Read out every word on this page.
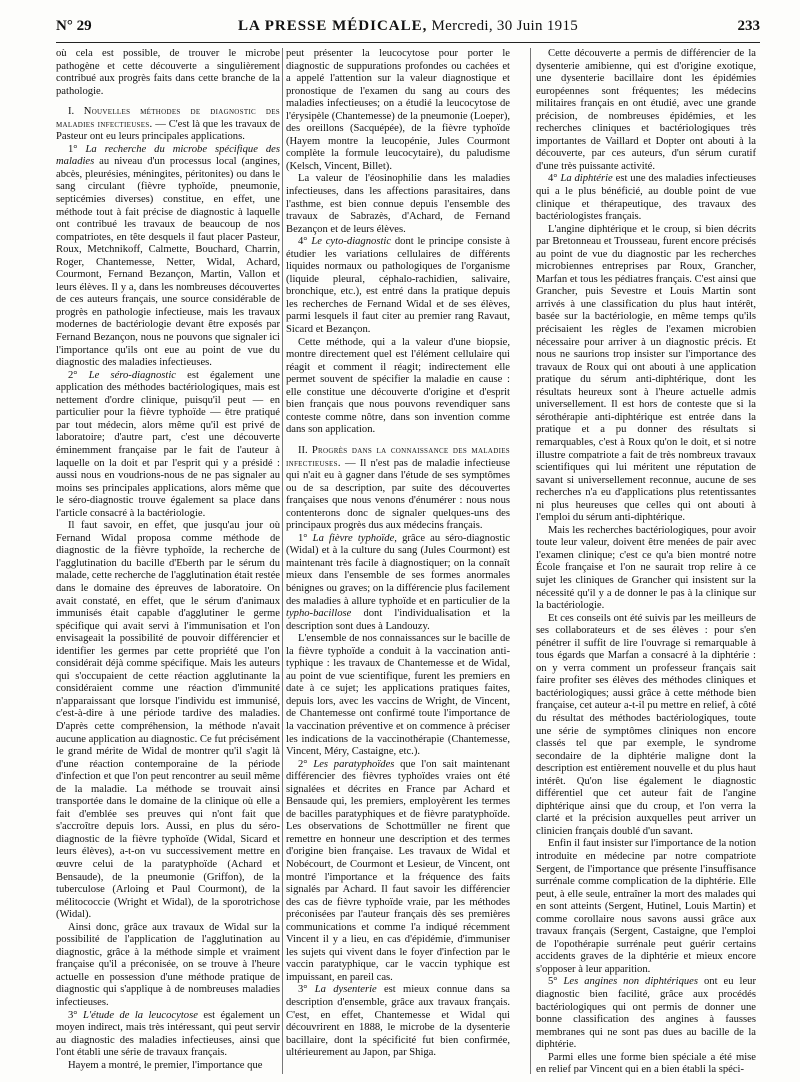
N° 29	LA PRESSE MÉDICALE, Mercredi, 30 Juin 1915	233

où cela est possible, de trouver le microbe pathogène et cette découverte a singulièrement contribué aux progrès faits dans cette branche de la pathologie.

I. Nouvelles méthodes de diagnostic des maladies infectieuses. — C'est là que les travaux de Pasteur ont eu leurs principales applications.

1° La recherche du microbe spécifique des maladies au niveau d'un processus local (angines, abcès, pleurésies, méningites, péritonites) ou dans le sang circulant (fièvre typhoïde, pneumonie, septicémies diverses) constitue, en effet, une méthode tout à fait précise de diagnostic à laquelle ont contribué les travaux de beaucoup de nos compatriotes, en tête desquels il faut placer Pasteur, Roux, Metchnikoff, Calmette, Bouchard, Charrin, Roger, Chantemesse, Netter, Widal, Achard, Courmont, Fernand Bezançon, Martin, Vallon et leurs élèves. Il y a, dans les nombreuses découvertes de ces auteurs français, une source considérable de progrès en pathologie infectieuse, mais les travaux modernes de bactériologie devant être exposés par Fernand Bezançon, nous ne pouvons que signaler ici l'importance qu'ils ont eue au point de vue du diagnostic des maladies infectieuses.

2° Le séro-diagnostic est également une application des méthodes bactériologiques, mais est nettement d'ordre clinique, puisqu'il peut — en particulier pour la fièvre typhoïde — être pratiqué par tout médecin, alors même qu'il est privé de laboratoire; d'autre part, c'est une découverte éminemment française par le fait de l'auteur à laquelle on la doit et par l'esprit qui y a présidé : aussi nous en voudrions-nous de ne pas signaler au moins ses principales applications, alors même que le séro-diagnostic trouve également sa place dans l'article consacré à la bactériologie.

Il faut savoir, en effet, que jusqu'au jour où Fernand Widal proposa comme méthode de diagnostic de la fièvre typhoïde, la recherche de l'agglutination du bacille d'Eberth par le sérum du malade, cette recherche de l'agglutination était restée dans le domaine des épreuves de laboratoire. On avait constaté, en effet, que le sérum d'animaux immunisés était capable d'agglutiner le germe spécifique qui avait servi à l'immunisation et l'on envisageait la possibilité de pouvoir différencier et identifier les germes par cette propriété que l'on considérait déjà comme spécifique. Mais les auteurs qui s'occupaient de cette réaction agglutinante la considéraient comme une réaction d'immunité n'apparaissant que lorsque l'individu est immunisé, c'est-à-dire à une période tardive des maladies. D'après cette compréhension, la méthode n'avait aucune application au diagnostic. Ce fut précisément le grand mérite de Widal de montrer qu'il s'agit là d'une réaction contemporaine de la période d'infection et que l'on peut rencontrer au seuil même de la maladie. La méthode se trouvait ainsi transportée dans le domaine de la clinique où elle a fait d'emblée ses preuves qui n'ont fait que s'accroître depuis lors. Aussi, en plus du séro-diagnostic de la fièvre typhoïde (Widal, Sicard et leurs élèves), a-t-on vu successivement mettre en œuvre celui de la paratyphoïde (Achard et Bensaude), de la pneumonie (Griffon), de la tuberculose (Arloing et Paul Courmont), de la mélitococcie (Wright et Widal), de la sporotrichose (Widal).

Ainsi donc, grâce aux travaux de Widal sur la possibilité de l'application de l'agglutination au diagnostic, grâce à la méthode simple et vraiment française qu'il a préconisée, on se trouve à l'heure actuelle en possession d'une méthode pratique de diagnostic qui s'applique à de nombreuses maladies infectieuses.

3° L'étude de la leucocytose est également un moyen indirect, mais très intéressant, qui peut servir au diagnostic des maladies infectieuses, ainsi que l'ont établi une série de travaux français.

Hayem a montré, le premier, l'importance que

peut présenter la leucocytose pour porter le diagnostic de suppurations profondes ou cachées et a appelé l'attention sur la valeur diagnostique et pronostique de l'examen du sang au cours des maladies infectieuses; on a étudié la leucocytose de l'érysipèle (Chantemesse) de la pneumonie (Loeper), des oreillons (Sacquépée), de la fièvre typhoïde (Hayem montre la leucopénie, Jules Courmont complète la formule leucocytaire), du paludisme (Kelsch, Vincent, Billet).

La valeur de l'éosinophilie dans les maladies infectieuses, dans les affections parasitaires, dans l'asthme, est bien connue depuis l'ensemble des travaux de Sabrazès, d'Achard, de Fernand Bezançon et de leurs élèves.

4° Le cyto-diagnostic dont le principe consiste à étudier les variations cellulaires de différents liquides normaux ou pathologiques de l'organisme (liquide pleural, céphalo-rachidien, salivaire, bronchique, etc.), est entré dans la pratique depuis les recherches de Fernand Widal et de ses élèves, parmi lesquels il faut citer au premier rang Ravaut, Sicard et Bezançon.

Cette méthode, qui a la valeur d'une biopsie, montre directement quel est l'élément cellulaire qui réagit et comment il réagit; indirectement elle permet souvent de spécifier la maladie en cause : elle constitue une découverte d'origine et d'esprit bien français que nous pouvons revendiquer sans conteste comme nôtre, dans son invention comme dans son application.

II. Progrès dans la connaissance des maladies infectieuses. — Il n'est pas de maladie infectieuse qui n'ait eu à gagner dans l'étude de ses symptômes ou de sa description, par suite des découvertes françaises que nous venons d'énumérer : nous nous contenterons donc de signaler quelques-uns des principaux progrès dus aux médecins français.

1° La fièvre typhoïde, grâce au séro-diagnostic (Widal) et à la culture du sang (Jules Courmont) est maintenant très facile à diagnostiquer; on la connaît mieux dans l'ensemble de ses formes anormales bénignes ou graves; on la différencie plus facilement des maladies à allure typhoïde et en particulier de la typho-bacillose dont l'individualisation et la description sont dues à Landouzy.

L'ensemble de nos connaissances sur le bacille de la fièvre typhoïde a conduit à la vaccination anti-typhique : les travaux de Chantemesse et de Widal, au point de vue scientifique, furent les premiers en date à ce sujet; les applications pratiques faites, depuis lors, avec les vaccins de Wright, de Vincent, de Chantemesse ont confirmé toute l'importance de la vaccination préventive et on commence à préciser les indications de la vaccinothérapie (Chantemesse, Vincent, Méry, Castaigne, etc.).

2° Les paratyphoïdes que l'on sait maintenant différencier des fièvres typhoïdes vraies ont été signalées et décrites en France par Achard et Bensaude qui, les premiers, employèrent les termes de bacilles paratyphiques et de fièvre paratyphoïde. Les observations de Schottmüller ne firent que remettre en honneur une description et des termes d'origine bien française. Les travaux de Widal et Nobécourt, de Courmont et Lesieur, de Vincent, ont montré l'importance et la fréquence des faits signalés par Achard. Il faut savoir les différencier des cas de fièvre typhoïde vraie, par les méthodes préconisées par l'auteur français dès ses premières communications et comme l'a indiqué récemment Vincent il y a lieu, en cas d'épidémie, d'immuniser les sujets qui vivent dans le foyer d'infection par le vaccin paratyphique, car le vaccin typhique est impuissant, en pareil cas.

3° La dysenterie est mieux connue dans sa description d'ensemble, grâce aux travaux français. C'est, en effet, Chantemesse et Widal qui découvrirent en 1888, le microbe de la dysenterie bacillaire, dont la spécificité fut bien confirmée, ultérieurement au Japon, par Shiga.

Cette découverte a permis de différencier de la dysenterie amibienne, qui est d'origine exotique, une dysenterie bacillaire dont les épidémies européennes sont fréquentes; les médecins militaires français en ont étudié, avec une grande précision, de nombreuses épidémies, et les recherches cliniques et bactériologiques très importantes de Vaillard et Dopter ont abouti à la découverte, par ces auteurs, d'un sérum curatif d'une très puissante activité.

4° La diphtérie est une des maladies infectieuses qui a le plus bénéficié, au double point de vue clinique et thérapeutique, des travaux des bactériologistes français.

L'angine diphtérique et le croup, si bien décrits par Bretonneau et Trousseau, furent encore précisés au point de vue du diagnostic par les recherches microbiennes entreprises par Roux, Grancher, Marfan et tous les pédiatres français. C'est ainsi que Grancher, puis Sevestre et Louis Martin sont arrivés à une classification du plus haut intérêt, basée sur la bactériologie, en même temps qu'ils précisaient les règles de l'examen microbien nécessaire pour arriver à un diagnostic précis. Et nous ne saurions trop insister sur l'importance des travaux de Roux qui ont abouti à une application pratique du sérum anti-diphtérique, dont les résultats heureux sont à l'heure actuelle admis universellement. Il est hors de conteste que si la sérothérapie anti-diphtérique est entrée dans la pratique et a pu donner des résultats si remarquables, c'est à Roux qu'on le doit, et si notre illustre compatriote a fait de très nombreux travaux scientifiques qui lui méritent une réputation de savant si universellement reconnue, aucune de ses recherches n'a eu d'applications plus retentissantes ni plus heureuses que celles qui ont abouti à l'emploi du sérum anti-diphtérique.

Mais les recherches bactériologiques, pour avoir toute leur valeur, doivent être menées de pair avec l'examen clinique; c'est ce qu'a bien montré notre École française et l'on ne saurait trop relire à ce sujet les cliniques de Grancher qui insistent sur la nécessité qu'il y a de donner le pas à la clinique sur la bactériologie.

Et ces conseils ont été suivis par les meilleurs de ses collaborateurs et de ses élèves : pour s'en pénétrer il suffit de lire l'ouvrage si remarquable à tous égards que Marfan a consacré à la diphtérie : on y verra comment un professeur français sait faire profiter ses élèves des méthodes cliniques et bactériologiques; aussi grâce à cette méthode bien française, cet auteur a-t-il pu mettre en relief, à côté du résultat des méthodes bactériologiques, toute une série de symptômes cliniques non encore classés tel que par exemple, le syndrome secondaire de la diphtérie maligne dont la description est entièrement nouvelle et du plus haut intérêt. Qu'on lise également le diagnostic différentiel que cet auteur fait de l'angine diphtérique ainsi que du croup, et l'on verra la clarté et la précision auxquelles peut arriver un clinicien français doublé d'un savant.

Enfin il faut insister sur l'importance de la notion introduite en médecine par notre compatriote Sergent, de l'importance que présente l'insuffisance surrénale comme complication de la diphtérie. Elle peut, à elle seule, entraîner la mort des malades qui en sont atteints (Sergent, Hutinel, Louis Martin) et comme corollaire nous savons aussi grâce aux travaux français (Sergent, Castaigne, que l'emploi de l'opothérapie surrénale peut guérir certains accidents graves de la diphtérie et mieux encore s'opposer à leur apparition.

5° Les angines non diphtériques ont eu leur diagnostic bien facilité, grâce aux procédés bactériologiques qui ont permis de donner une bonne classification des angines à fausses membranes qui ne sont pas dues au bacille de la diphtérie.

Parmi elles une forme bien spéciale a été mise en relief par Vincent qui en a bien établi la spéci-
